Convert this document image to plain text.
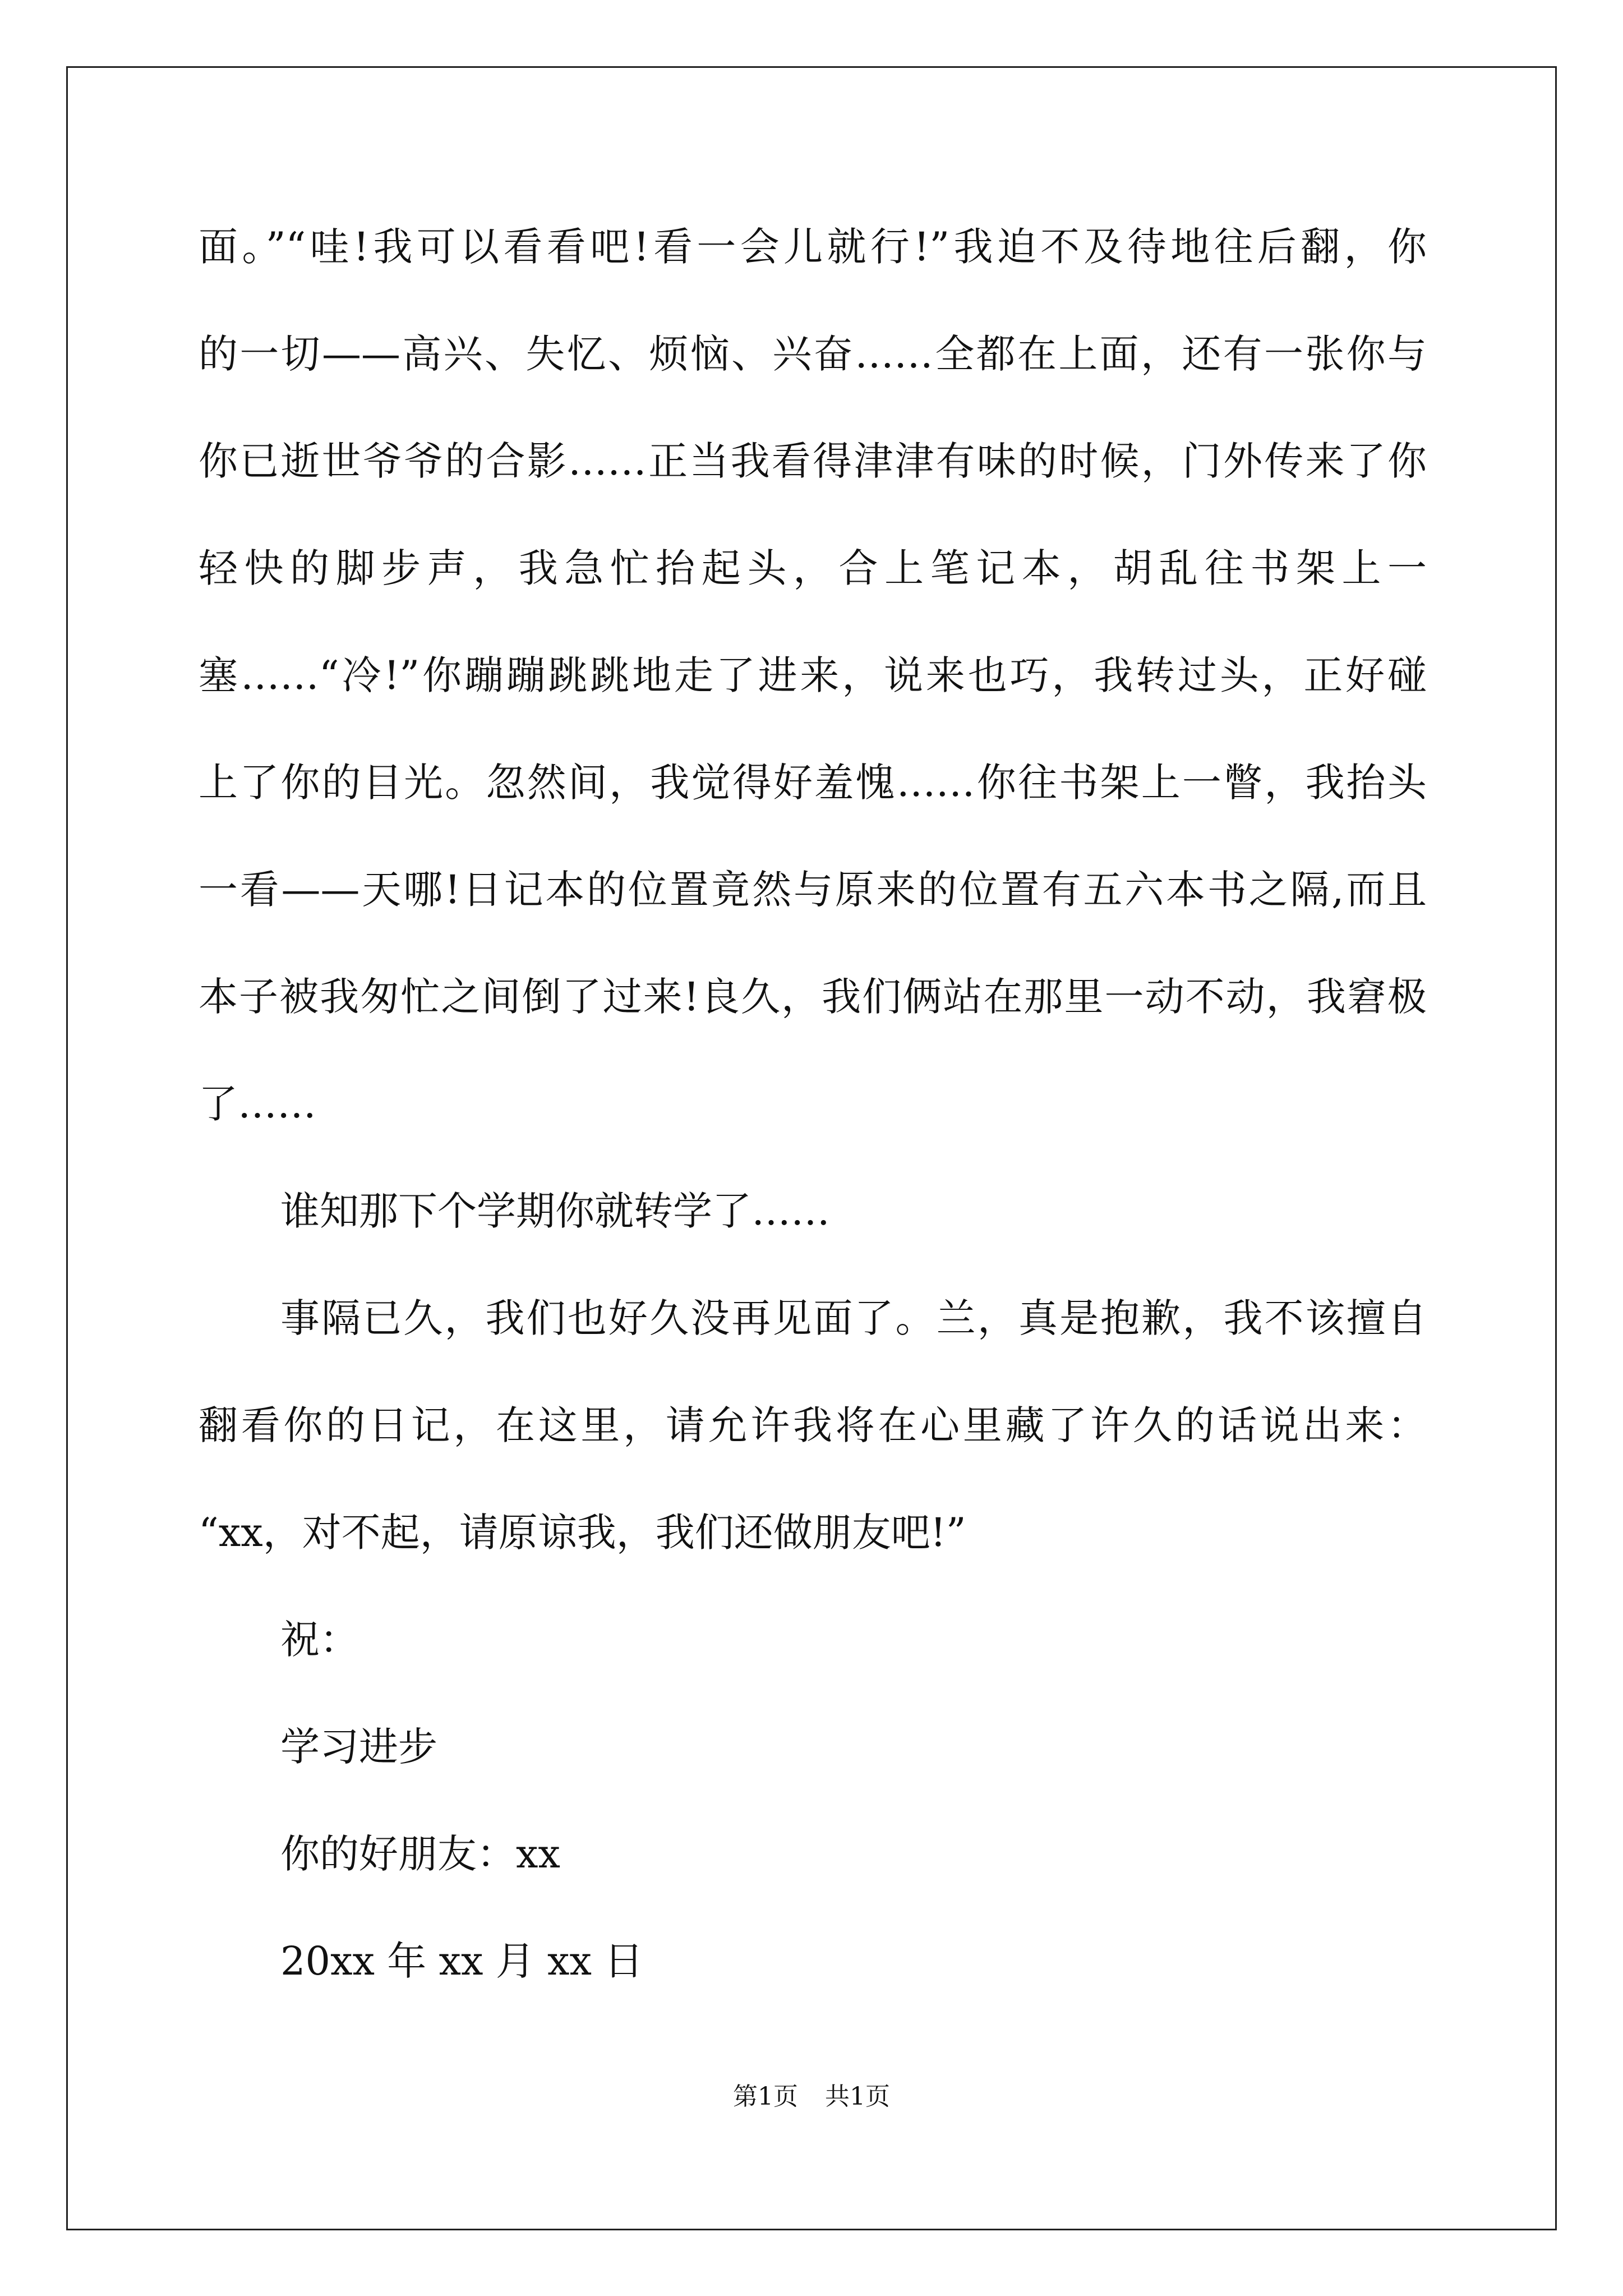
面。”“哇!我可以看看吧!看一会儿就行!”我迫不及待地往后翻，你
的一切——高兴、失忆、烦恼、兴奋……全都在上面，还有一张你与
你已逝世爷爷的合影……正当我看得津津有味的时候，门外传来了你
轻快的脚步声，我急忙抬起头，合上笔记本，胡乱往书架上一
塞……“冷!”你蹦蹦跳跳地走了进来，说来也巧，我转过头，正好碰
上了你的目光。忽然间，我觉得好羞愧……你往书架上一瞥，我抬头
一看——天哪!日记本的位置竟然与原来的位置有五六本书之隔,而且
本子被我匆忙之间倒了过来!良久，我们俩站在那里一动不动，我窘极
了……
谁知那下个学期你就转学了……
事隔已久，我们也好久没再见面了。兰，真是抱歉，我不该擅自
翻看你的日记，在这里，请允许我将在心里藏了许久的话说出来：
“xx，对不起，请原谅我，我们还做朋友吧!”
祝：
学习进步
你的好朋友：xx
20xx 年 xx 月 xx 日
第1页 共1页
